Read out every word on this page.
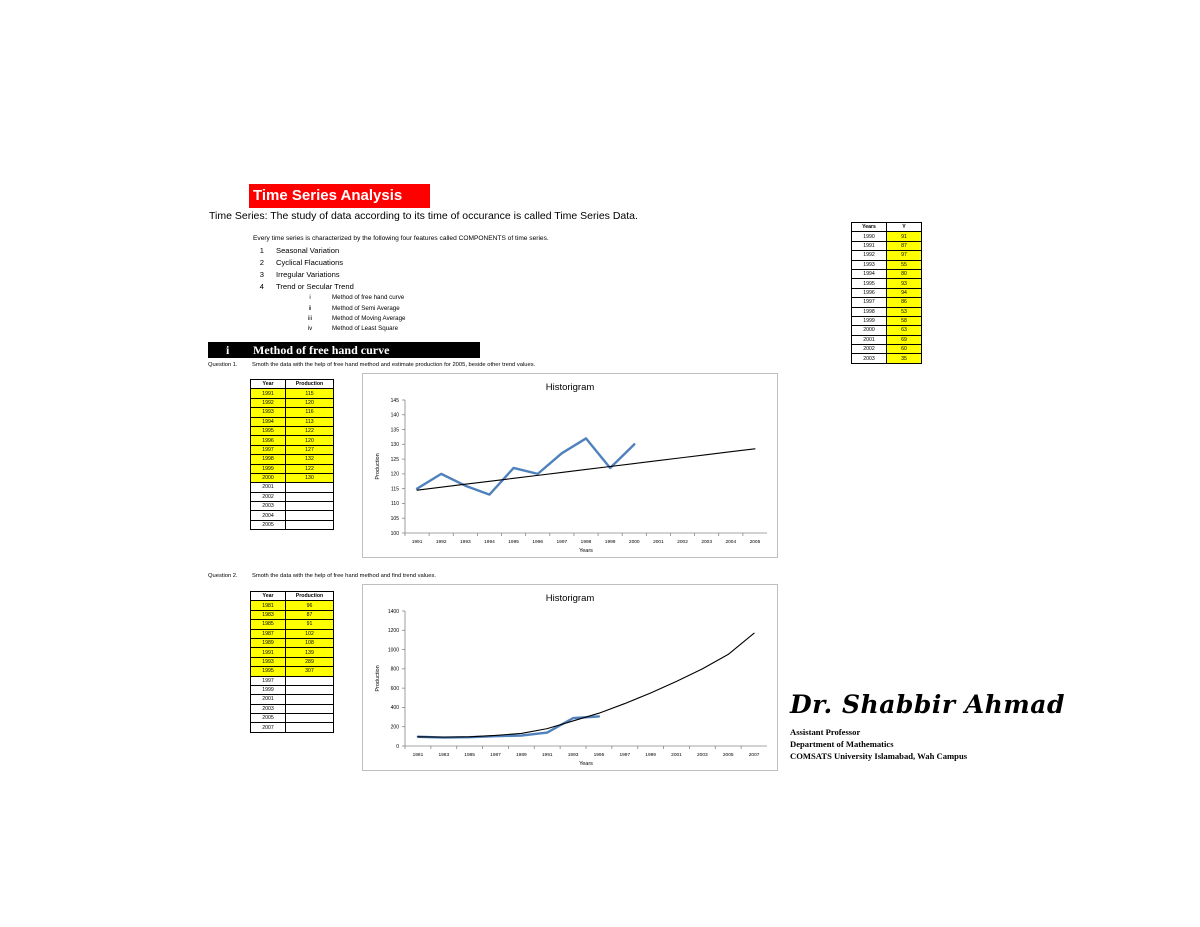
Time Series Analysis
Time Series: The study of data according to its time of occurance is called Time Series Data.
Every time series is characterized by the following four features called COMPONENTS of time series.
1 Seasonal Variation
2 Cyclical Flacuations
3 Irregular Variations
4 Trend or Secular Trend
i	Method of free hand curve
ii	Method of Semi Average
iii	Method of Moving Average
iv	Method of Least Square
i Method of free hand curve
Question 1. Smoth the data with the help of free hand method and estimate production for 2005, beside other trend values.
Year	Production
1991	115
1992	120
1993	116
1994	113
1995	122
1996	120
1997	127
1998	132
1999	122
2000	130
2001	
2002	
2003	
2004	
2005	
Historigram
100
105
110
115
120
125
130
135
140
145
1991	1992	1993	1994	1995	1996	1997	1998	1999	2000	2001	2002	2003	2004	2005
Years
Production
Question 2. Smoth the data with the help of free hand method and find trend values.
Year	Production
1981	96
1983	87
1985	91
1987	102
1989	108
1991	139
1993	289
1995	307
1997	
1999	
2001	
2003	
2005	
2007	
Historigram
0
200
400
600
800
1000
1200
1400
1981	1983	1985	1987	1989	1991	1993	1995	1997	1999	2001	2003	2005	2007
Years
Production
Years	Y
1990	91
1991	87
1992	97
1993	55
1994	80
1995	93
1996	94
1997	86
1998	53
1999	58
2000	63
2001	69
2002	60
2003	35
Dr. Shabbir Ahmad
Assistant Professor
Department of Mathematics
COMSATS University Islamabad, Wah Campus
